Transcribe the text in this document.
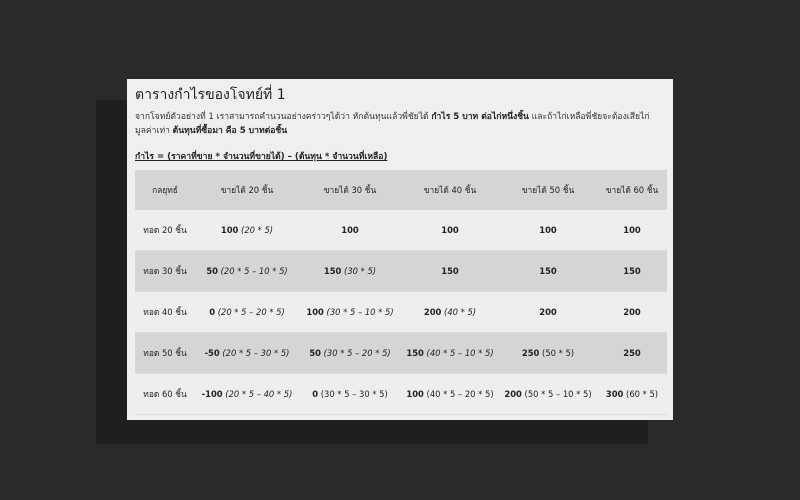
ตารางกำไรของโจทย์ที่ 1

จากโจทย์ตัวอย่างที่ 1 เราสามารถคำนวนอย่างคร่าวๆได้ว่า หักต้นทุนแล้วพี่ชัยได้ กำไร 5 บาท ต่อไก่หนึ่งชิ้น และถ้าไก่เหลือพี่ชัยจะต้องเสียไก่มูลค่าเท่า ต้นทุนที่ซื้อมา คือ 5 บาทต่อชิ้น

กำไร = (ราคาที่ขาย * จำนวนที่ขายได้) – (ต้นทุน * จำนวนที่เหลือ)
กลยุทธ์	ขายได้ 20 ชิ้น	ขายได้ 30 ชิ้น	ขายได้ 40 ชิ้น	ขายได้ 50 ชิ้น	ขายได้ 60 ชิ้น
ทอด 20 ชิ้น	100 (20 * 5)	100	100	100	100
ทอด 30 ชิ้น	50 (20 * 5 – 10 * 5)	150 (30 * 5)	150	150	150
ทอด 40 ชิ้น	0 (20 * 5 – 20 * 5)	100 (30 * 5 – 10 * 5)	200 (40 * 5)	200	200
ทอด 50 ชิ้น	-50 (20 * 5 – 30 * 5)	50 (30 * 5 – 20 * 5)	150 (40 * 5 – 10 * 5)	250 (50 * 5)	250
ทอด 60 ชิ้น	-100 (20 * 5 – 40 * 5)	0 (30 * 5 – 30 * 5)	100 (40 * 5 – 20 * 5)	200 (50 * 5 – 10 * 5)	300 (60 * 5)
